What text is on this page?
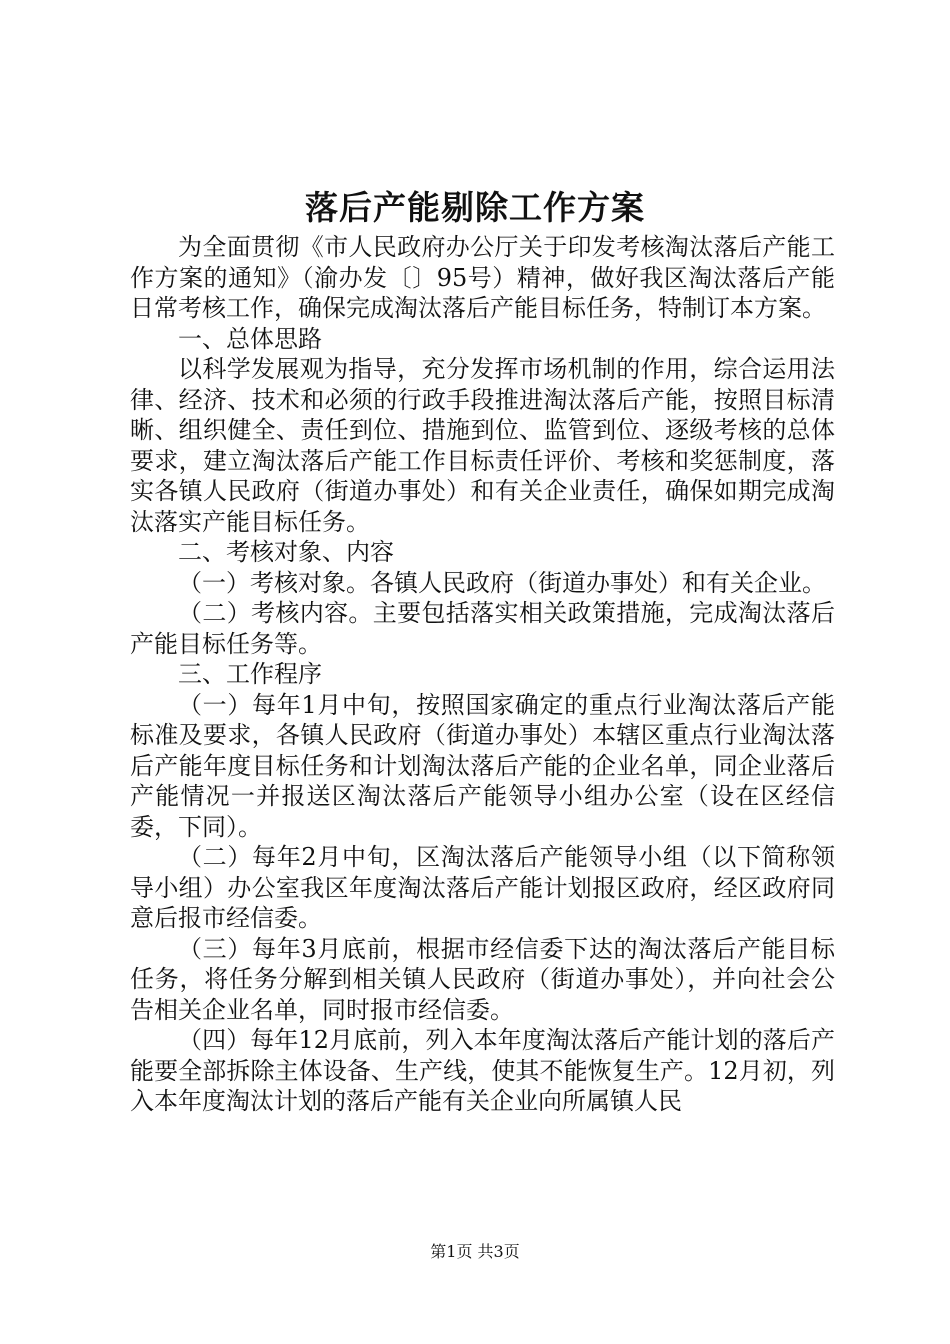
落后产能剔除工作方案

为全面贯彻《市人民政府办公厅关于印发考核淘汰落后产能工作方案的通知》（渝办发〔〕95号）精神，做好我区淘汰落后产能日常考核工作，确保完成淘汰落后产能目标任务，特制订本方案。

一、总体思路

以科学发展观为指导，充分发挥市场机制的作用，综合运用法律、经济、技术和必须的行政手段推进淘汰落后产能，按照目标清晰、组织健全、责任到位、措施到位、监管到位、逐级考核的总体要求，建立淘汰落后产能工作目标责任评价、考核和奖惩制度，落实各镇人民政府（街道办事处）和有关企业责任，确保如期完成淘汰落实产能目标任务。

二、考核对象、内容

（一）考核对象。各镇人民政府（街道办事处）和有关企业。

（二）考核内容。主要包括落实相关政策措施，完成淘汰落后产能目标任务等。

三、工作程序

（一）每年1月中旬，按照国家确定的重点行业淘汰落后产能标准及要求，各镇人民政府（街道办事处）本辖区重点行业淘汰落后产能年度目标任务和计划淘汰落后产能的企业名单，同企业落后产能情况一并报送区淘汰落后产能领导小组办公室（设在区经信委，下同）。

（二）每年2月中旬，区淘汰落后产能领导小组（以下简称领导小组）办公室我区年度淘汰落后产能计划报区政府，经区政府同意后报市经信委。

（三）每年3月底前，根据市经信委下达的淘汰落后产能目标任务，将任务分解到相关镇人民政府（街道办事处），并向社会公告相关企业名单，同时报市经信委。

（四）每年12月底前，列入本年度淘汰落后产能计划的落后产能要全部拆除主体设备、生产线，使其不能恢复生产。12月初，列入本年度淘汰计划的落后产能有关企业向所属镇人民

第1页 共3页
